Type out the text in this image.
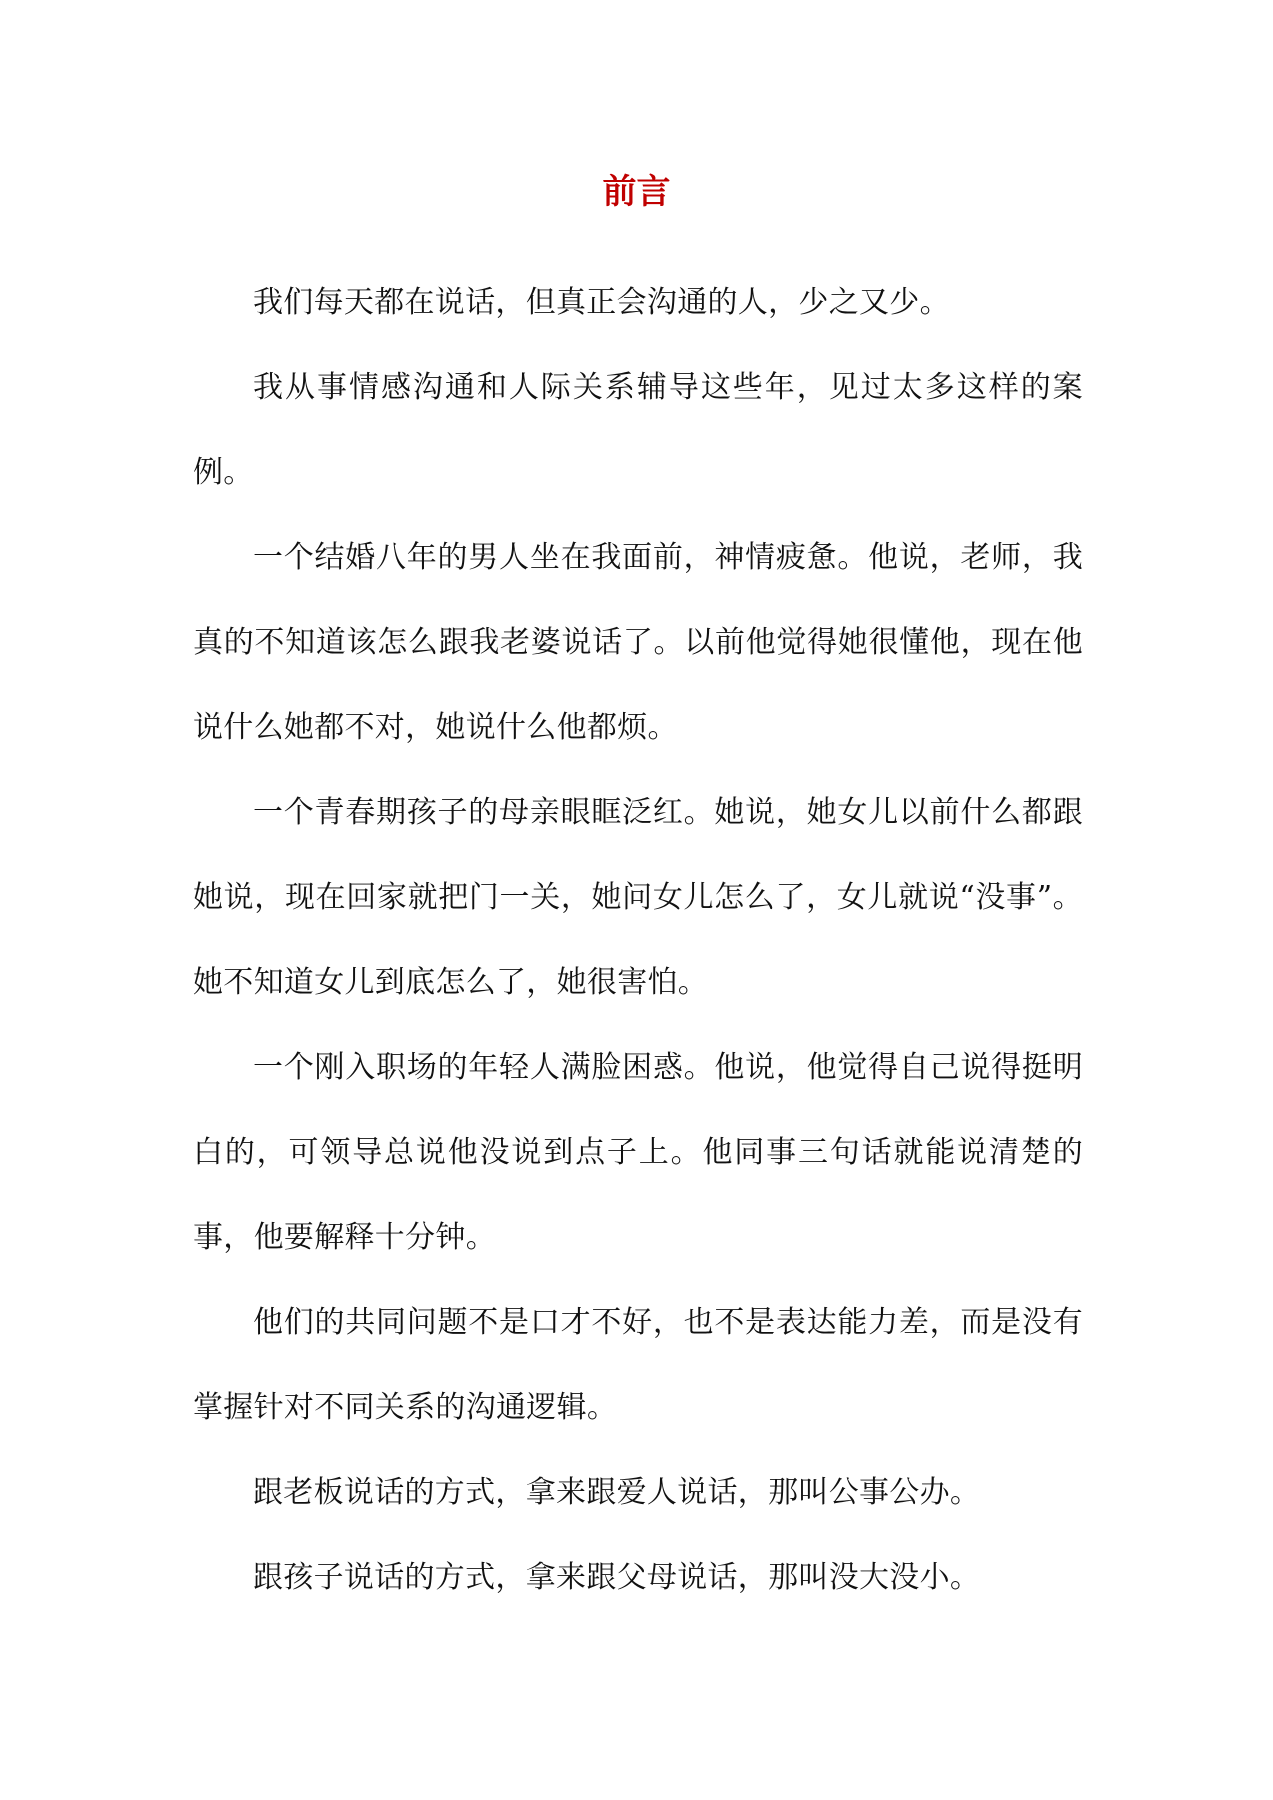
前言

我们每天都在说话，但真正会沟通的人，少之又少。

我从事情感沟通和人际关系辅导这些年，见过太多这样的案例。

一个结婚八年的男人坐在我面前，神情疲惫。他说，老师，我真的不知道该怎么跟我老婆说话了。以前他觉得她很懂他，现在他说什么她都不对，她说什么他都烦。

一个青春期孩子的母亲眼眶泛红。她说，她女儿以前什么都跟她说，现在回家就把门一关，她问女儿怎么了，女儿就说“没事”。她不知道女儿到底怎么了，她很害怕。

一个刚入职场的年轻人满脸困惑。他说，他觉得自己说得挺明白的，可领导总说他没说到点子上。他同事三句话就能说清楚的事，他要解释十分钟。

他们的共同问题不是口才不好，也不是表达能力差，而是没有掌握针对不同关系的沟通逻辑。

跟老板说话的方式，拿来跟爱人说话，那叫公事公办。

跟孩子说话的方式，拿来跟父母说话，那叫没大没小。
